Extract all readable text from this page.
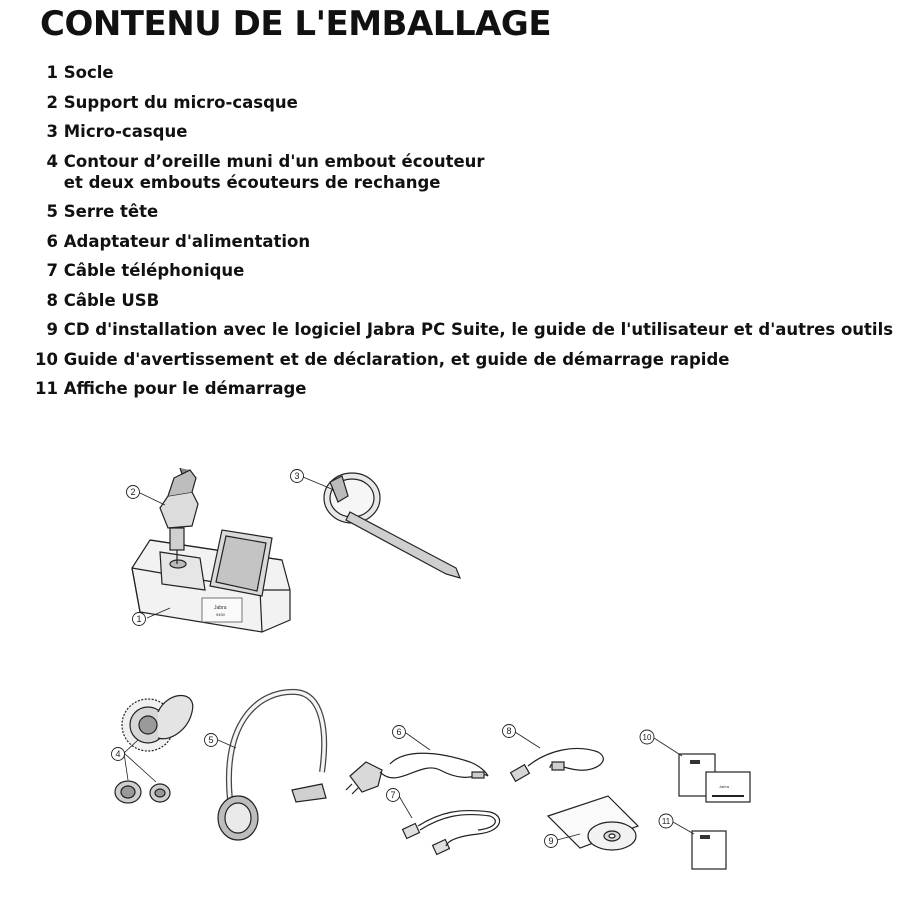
CONTENU DE L'EMBALLAGE
1
Socle
2
Support du micro-casque
3
Micro-casque
4
Contour d’oreille muni d'un embout écouteur
et deux embouts écouteurs de rechange
5
Serre tête
6
Adaptateur d'alimentation
7
Câble téléphonique
8
Câble USB
9
CD d'installation avec le logiciel Jabra PC Suite, le guide de l'utilisateur et d'autres outils
10
Guide d'avertissement et de déclaration, et guide de démarrage rapide
11
Affiche pour le démarrage
Jabra
9450
Jabra
1
2
3
4
5
6
7
8
9
10
11
